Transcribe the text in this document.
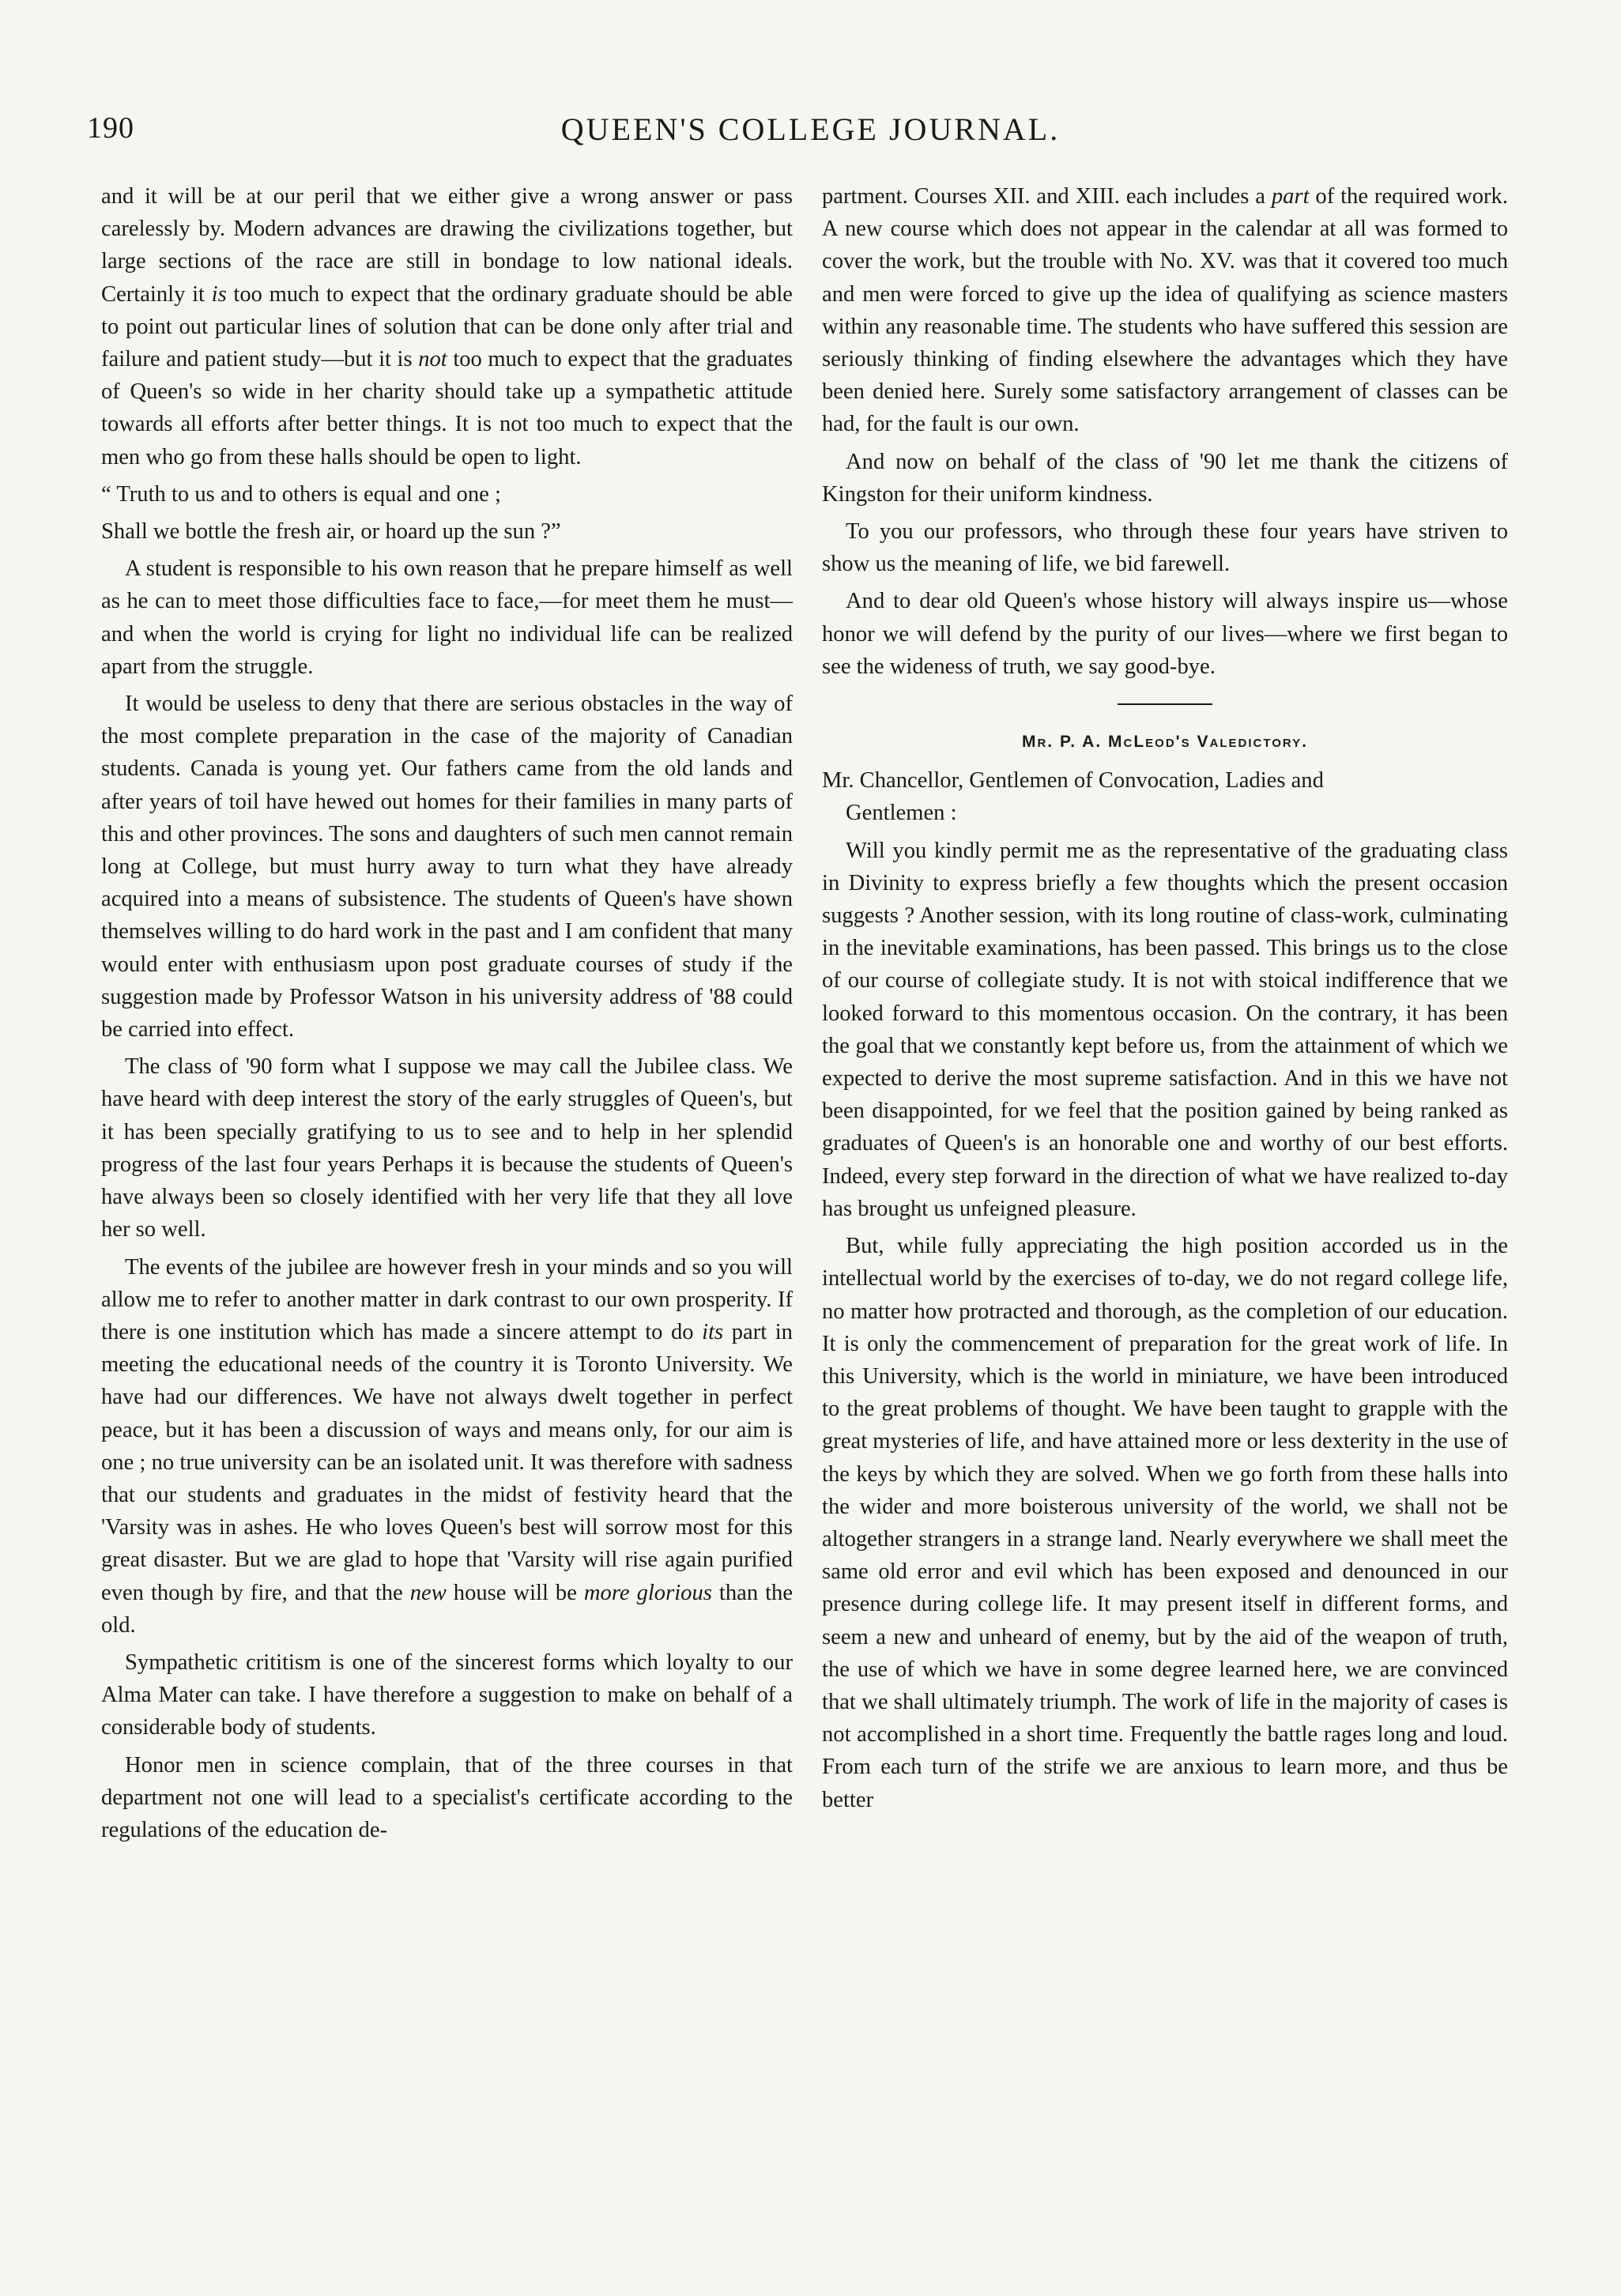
190	QUEEN'S COLLEGE JOURNAL.

and it will be at our peril that we either give a wrong answer or pass carelessly by. Modern advances are drawing the civilizations together, but large sections of the race are still in bondage to low national ideals. Certainly it is too much to expect that the ordinary graduate should be able to point out particular lines of solution that can be done only after trial and failure and patient study—but it is not too much to expect that the graduates of Queen's so wide in her charity should take up a sympathetic attitude towards all efforts after better things. It is not too much to expect that the men who go from these halls should be open to light.

“ Truth to us and to others is equal and one ;

Shall we bottle the fresh air, or hoard up the sun ?”

A student is responsible to his own reason that he prepare himself as well as he can to meet those difficulties face to face,—for meet them he must—and when the world is crying for light no individual life can be realized apart from the struggle.

It would be useless to deny that there are serious obstacles in the way of the most complete preparation in the case of the majority of Canadian students. Canada is young yet. Our fathers came from the old lands and after years of toil have hewed out homes for their families in many parts of this and other provinces. The sons and daughters of such men cannot remain long at College, but must hurry away to turn what they have already acquired into a means of subsistence. The students of Queen's have shown themselves willing to do hard work in the past and I am confident that many would enter with enthusiasm upon post graduate courses of study if the suggestion made by Professor Watson in his university address of '88 could be carried into effect.

The class of '90 form what I suppose we may call the Jubilee class. We have heard with deep interest the story of the early struggles of Queen's, but it has been specially gratifying to us to see and to help in her splendid progress of the last four years Perhaps it is because the students of Queen's have always been so closely identified with her very life that they all love her so well.

The events of the jubilee are however fresh in your minds and so you will allow me to refer to another matter in dark contrast to our own prosperity. If there is one institution which has made a sincere attempt to do its part in meeting the educational needs of the country it is Toronto University. We have had our differences. We have not always dwelt together in perfect peace, but it has been a discussion of ways and means only, for our aim is one ; no true university can be an isolated unit. It was therefore with sadness that our students and graduates in the midst of festivity heard that the 'Varsity was in ashes. He who loves Queen's best will sorrow most for this great disaster. But we are glad to hope that 'Varsity will rise again purified even though by fire, and that the new house will be more glorious than the old.

Sympathetic crititism is one of the sincerest forms which loyalty to our Alma Mater can take. I have therefore a suggestion to make on behalf of a considerable body of students.

Honor men in science complain, that of the three courses in that department not one will lead to a specialist's certificate according to the regulations of the education de-

partment. Courses XII. and XIII. each includes a part of the required work. A new course which does not appear in the calendar at all was formed to cover the work, but the trouble with No. XV. was that it covered too much and men were forced to give up the idea of qualifying as science masters within any reasonable time. The students who have suffered this session are seriously thinking of finding elsewhere the advantages which they have been denied here. Surely some satisfactory arrangement of classes can be had, for the fault is our own.

And now on behalf of the class of '90 let me thank the citizens of Kingston for their uniform kindness.

To you our professors, who through these four years have striven to show us the meaning of life, we bid farewell.

And to dear old Queen's whose history will always inspire us—whose honor we will defend by the purity of our lives—where we first began to see the wideness of truth, we say good-bye.

Mr. P. A. McLeod's Valedictory.

Mr. Chancellor, Gentlemen of Convocation, Ladies and

Gentlemen :

Will you kindly permit me as the representative of the graduating class in Divinity to express briefly a few thoughts which the present occasion suggests ? Another session, with its long routine of class-work, culminating in the inevitable examinations, has been passed. This brings us to the close of our course of collegiate study. It is not with stoical indifference that we looked forward to this momentous occasion. On the contrary, it has been the goal that we constantly kept before us, from the attainment of which we expected to derive the most supreme satisfaction. And in this we have not been disappointed, for we feel that the position gained by being ranked as graduates of Queen's is an honorable one and worthy of our best efforts. Indeed, every step forward in the direction of what we have realized to-day has brought us unfeigned pleasure.

But, while fully appreciating the high position accorded us in the intellectual world by the exercises of to-day, we do not regard college life, no matter how protracted and thorough, as the completion of our education. It is only the commencement of preparation for the great work of life. In this University, which is the world in miniature, we have been introduced to the great problems of thought. We have been taught to grapple with the great mysteries of life, and have attained more or less dexterity in the use of the keys by which they are solved. When we go forth from these halls into the wider and more boisterous university of the world, we shall not be altogether strangers in a strange land. Nearly everywhere we shall meet the same old error and evil which has been exposed and denounced in our presence during college life. It may present itself in different forms, and seem a new and unheard of enemy, but by the aid of the weapon of truth, the use of which we have in some degree learned here, we are convinced that we shall ultimately triumph. The work of life in the majority of cases is not accomplished in a short time. Frequently the battle rages long and loud. From each turn of the strife we are anxious to learn more, and thus be better
